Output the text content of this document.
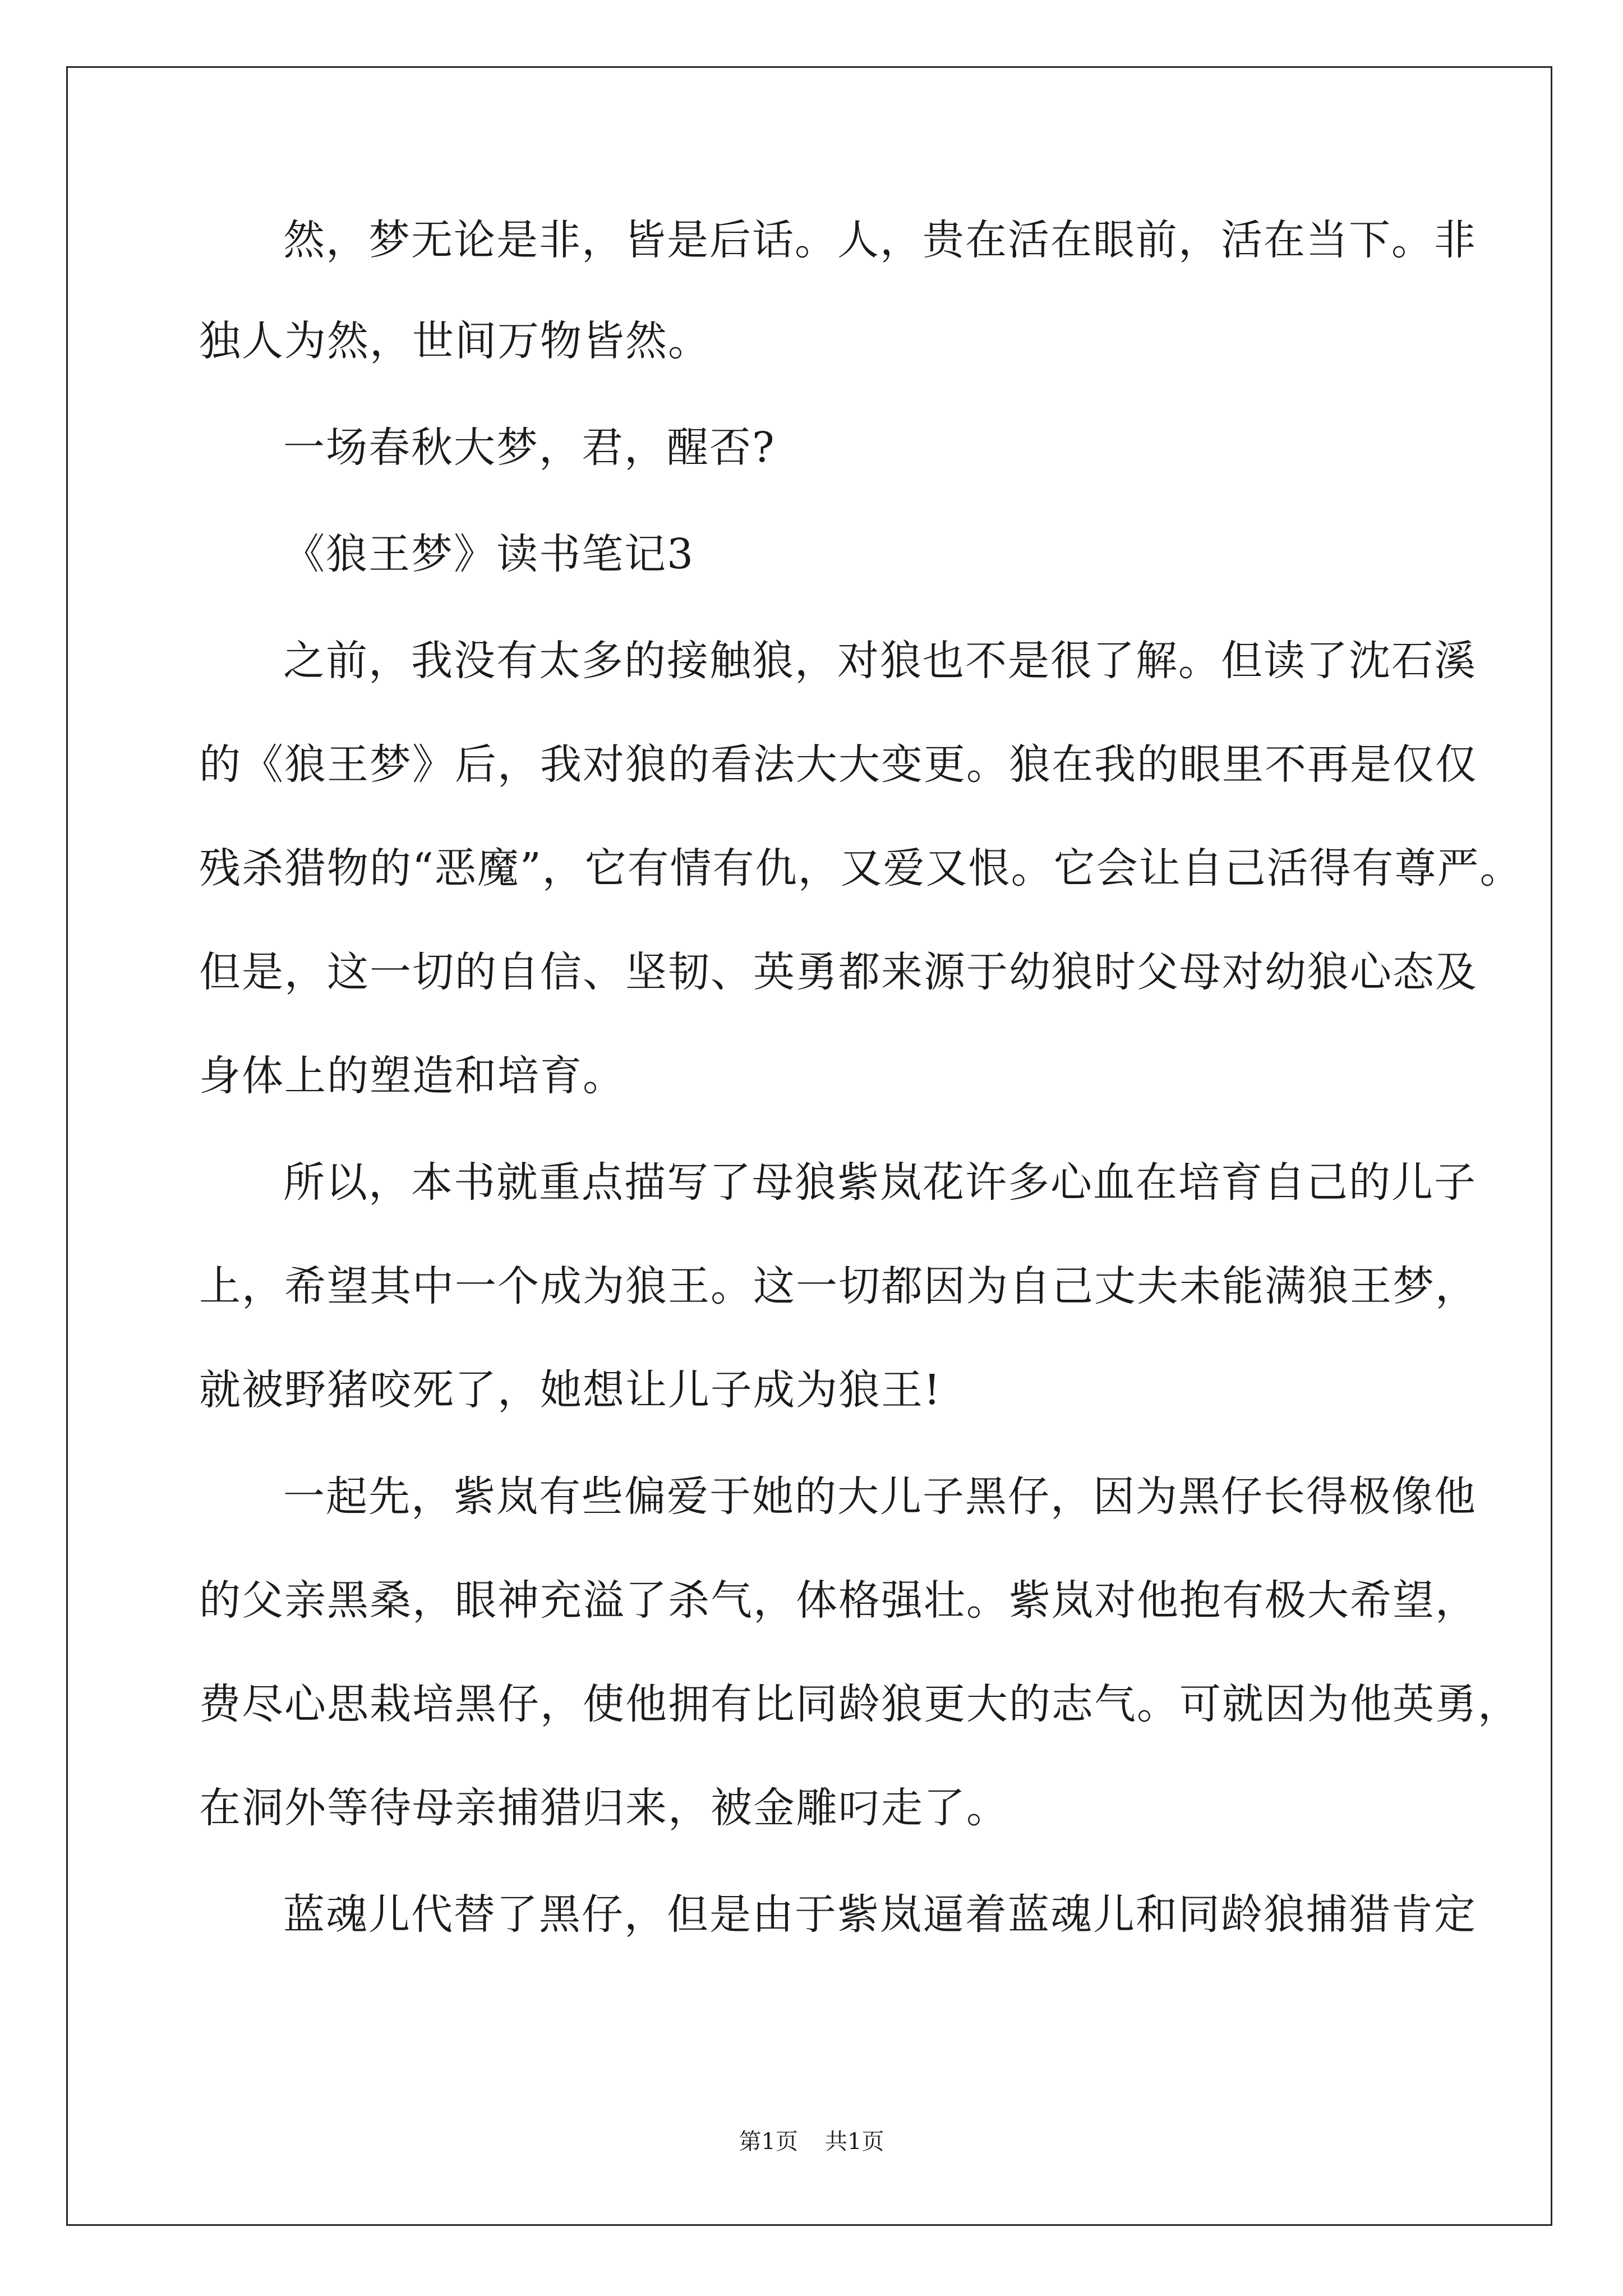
然，梦无论是非，皆是后话。人，贵在活在眼前，活在当下。非
独人为然，世间万物皆然。
一场春秋大梦，君，醒否?
《狼王梦》读书笔记3
之前，我没有太多的接触狼，对狼也不是很了解。但读了沈石溪
的《狼王梦》后，我对狼的看法大大变更。狼在我的眼里不再是仅仅
残杀猎物的“恶魔”，它有情有仇，又爱又恨。它会让自己活得有尊严。
但是，这一切的自信、坚韧、英勇都来源于幼狼时父母对幼狼心态及
身体上的塑造和培育。
所以，本书就重点描写了母狼紫岚花许多心血在培育自己的儿子
上，希望其中一个成为狼王。这一切都因为自己丈夫未能满狼王梦，
就被野猪咬死了，她想让儿子成为狼王!
一起先，紫岚有些偏爱于她的大儿子黑仔，因为黑仔长得极像他
的父亲黑桑，眼神充溢了杀气，体格强壮。紫岚对他抱有极大希望，
费尽心思栽培黑仔，使他拥有比同龄狼更大的志气。可就因为他英勇，
在洞外等待母亲捕猎归来，被金雕叼走了。
蓝魂儿代替了黑仔，但是由于紫岚逼着蓝魂儿和同龄狼捕猎肯定
第1页 共1页
